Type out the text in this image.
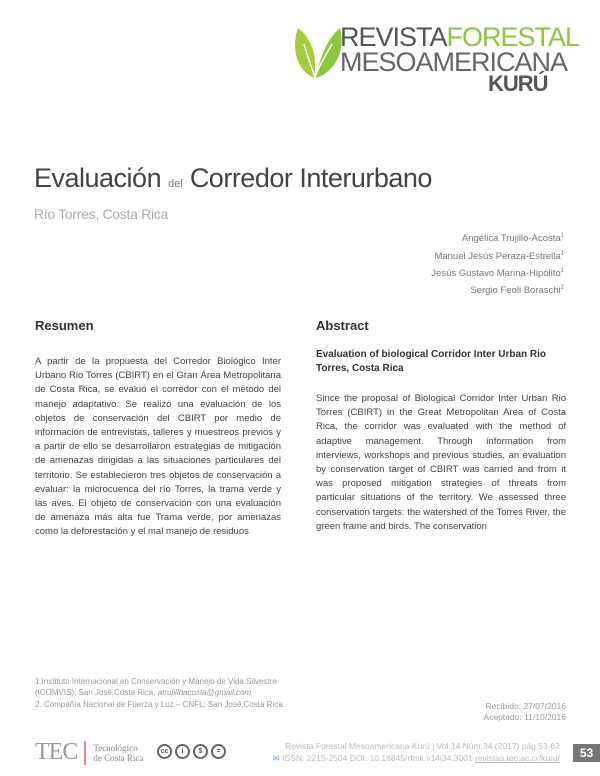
REVISTAFORESTAL
MESOAMERICANA
KURÚ
Evaluación del Corredor Interurbano
Río Torres, Costa Rica
Angélica Trujillo-Acosta$^1$
Manuel Jesús Peraza-Estrella$^1$
Jesús Gustavo Marina-Hipólito$^1$
Sergio Feoli Boraschi$^2$
Resumen
A partir de la propuesta del Corredor Biológico Inter Urbano Rio Torres (CBIRT) en el Gran Área Metropolitana de Costa Rica, se evaluó el corredor con el método del manejo adaptativo. Se realizó una evaluación de los objetos de conservación del CBIRT por medio de información de entrevistas, talleres y muestreos previos y a partir de ello se desarrollaron estrategias de mitigación de amenazas dirigidas a las situaciones particulares del territorio. Se establecieron tres objetos de conservación a evaluar: la microcuenca del río Torres, la trama verde y las aves. El objeto de conservación con una evaluación de amenaza más alta fue Trama verde, por amenazas como la deforestación y el mal manejo de residuos
Abstract
Evaluation of biological Corridor Inter Urban Rio Torres, Costa Rica
Since the proposal of Biological Corridor Inter Urban Rio Torres (CBIRT) in the Great Metropolitan Area of Costa Rica, the corridor was evaluated with the method of adaptive management. Through information from interviews, workshops and previous studies, an evaluation by conservation target of CBIRT was carried and from it was proposed mitigation strategies of threats from particular situations of the territory. We assessed three conservation targets: the watershed of the Torres River, the green frame and birds. The conservation
1.Instituto Internacional en Conservación y Manejo de Vida Silvestre (ICOMVIS); San José,Costa Rica; atrujillbacosta@gmail.com
2. Compañía Nacional de Fuerza y Luz – CNFL; San José,Costa Rica.	Recibido: 27/07/2016
Aceptado: 11/10/2016
TEC Tecnológico
de Costa Rica
cc	i	$	=
Revista Forestal Mesoamericana Kurú | Vol.14 Núm.34 (2017) pág.53-62
✉ ISSN: 2215-2504 DOI: 10.18845/rfmk.v14i34.3001 revistas.tec.ac.cr/kuru/	53
